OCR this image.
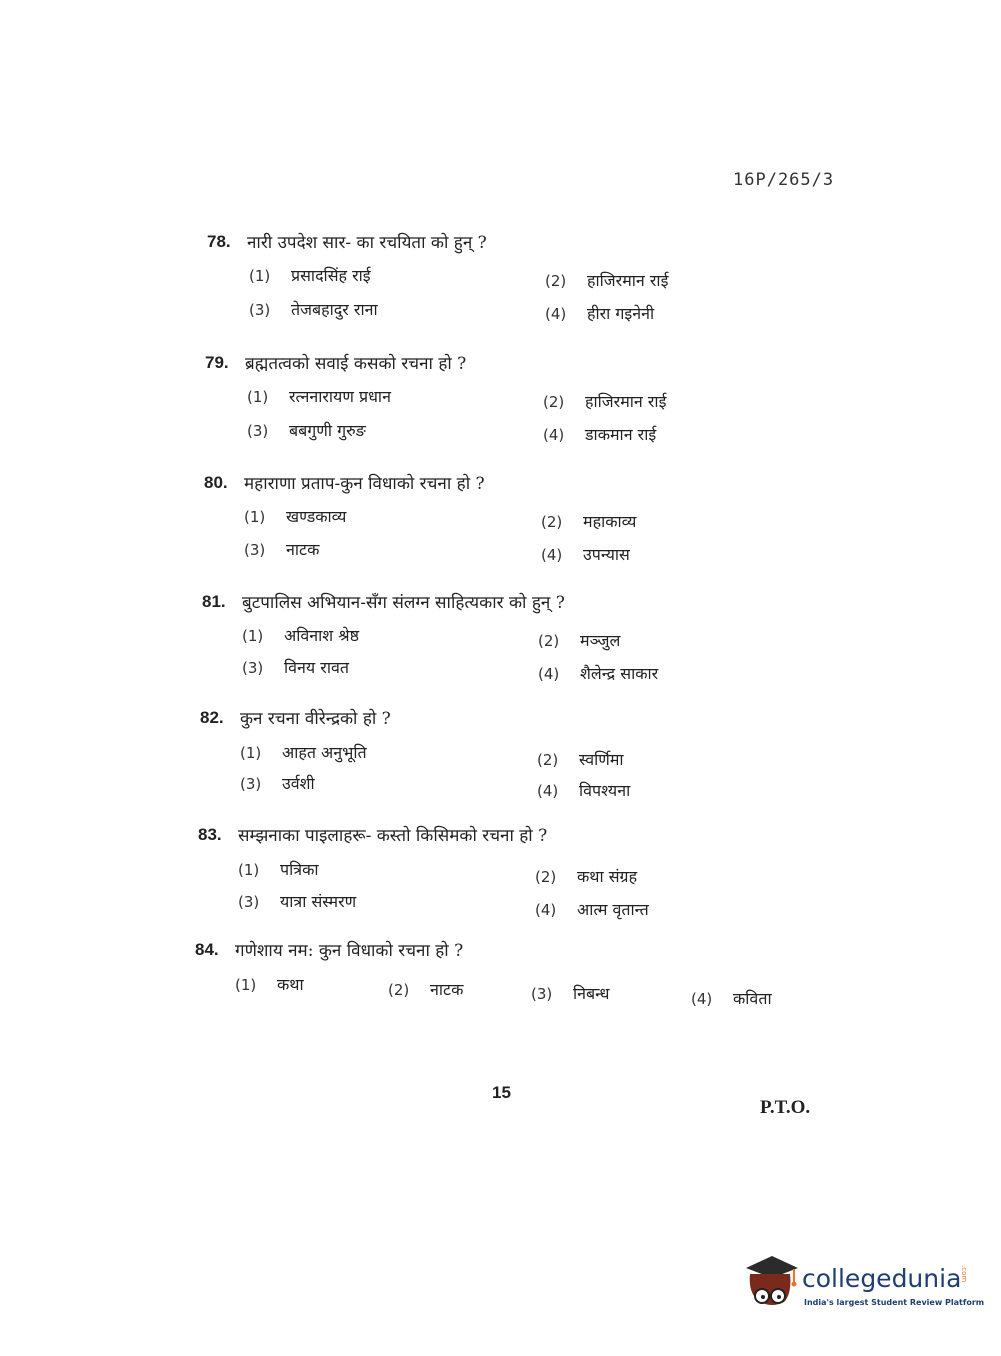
16P/265/3
78. नारी उपदेश सार- का रचयिता को हुन् ?
(1) प्रसादसिंह राई	(2) हाजिरमान राई
(3) तेजबहादुर राना	(4) हीरा गइनेनी
79. ब्रह्मतत्वको सवाई कसको रचना हो ?
(1) रत्ननारायण प्रधान	(2) हाजिरमान राई
(3) बबगुणी गुरुङ	(4) डाकमान राई
80. महाराणा प्रताप-कुन विधाको रचना हो ?
(1) खण्डकाव्य	(2) महाकाव्य
(3) नाटक	(4) उपन्यास
81. बुटपालिस अभियान-सँग संलग्न साहित्यकार को हुन् ?
(1) अविनाश श्रेष्ठ	(2) मञ्जुल
(3) विनय रावत	(4) शैलेन्द्र साकार
82. कुन रचना वीरेन्द्रको हो ?
(1) आहत अनुभूति	(2) स्वर्णिमा
(3) उर्वशी	(4) विपश्यना
83. सम्झनाका पाइलाहरू- कस्तो किसिमको रचना हो ?
(1) पत्रिका	(2) कथा संग्रह
(3) यात्रा संस्मरण	(4) आत्म वृतान्त
84. गणेशाय नम: कुन विधाको रचना हो ?
(1) कथा	(2) नाटक	(3) निबन्ध	(4) कविता
15
P.T.O.
collegedunia
.com
India's largest Student Review Platform
